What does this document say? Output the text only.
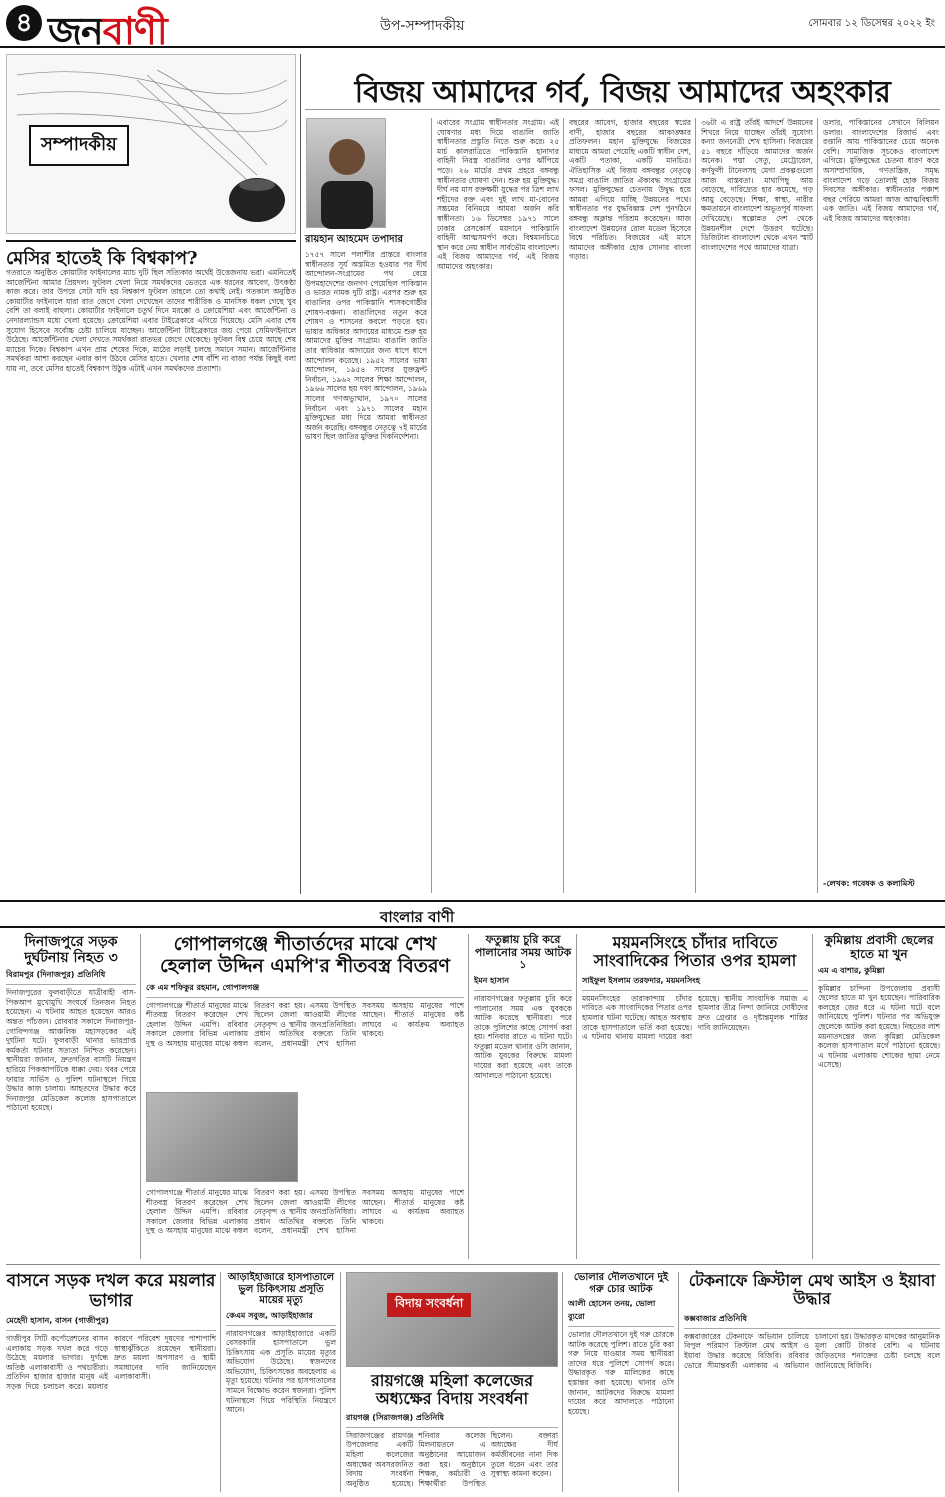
৪ জনবাণী	উপ-সম্পাদকীয়	সোমবার ১২ ডিসেম্বর ২০২২ ইং
সম্পাদকীয়
বিজয় আমাদের গর্ব, বিজয় আমাদের অহংকার
রায়হান আহমেদ তপাদার
১৭৫৭ সালে পলাশীর প্রান্তরে বাংলার স্বাধীনতার সূর্য অস্তমিত হওয়ার পর দীর্ঘ আন্দোলন-সংগ্রামের পথ বেয়ে উপমহাদেশের জনগণ পেয়েছিল পাকিস্তান ও ভারত নামক দুটি রাষ্ট্র। এরপর শুরু হয় বাঙালির ওপর পাকিস্তানি শাসকগোষ্ঠীর শোষণ-বঞ্চনা। বাঙালিদের নতুন করে শোষণ ও শাসনের কবলে পড়তে হয়। ভাষার অধিকার আদায়ের মাধ্যমে শুরু হয় আমাদের মুক্তির সংগ্রাম। বাঙালি জাতি তার স্বাধিকার আদায়ের জন্য ধাপে ধাপে আন্দোলন করেছে। ১৯৫২ সালের ভাষা আন্দোলন, ১৯৫৪ সালের যুক্তফ্রন্ট নির্বাচন, ১৯৬২ সালের শিক্ষা আন্দোলন, ১৯৬৬ সালের ছয় দফা আন্দোলন, ১৯৬৯ সালের গণঅভ্যুত্থান, ১৯৭০ সালের নির্বাচন এবং ১৯৭১ সালের মহান মুক্তিযুদ্ধের মধ্য দিয়ে আমরা স্বাধীনতা অর্জন করেছি। বঙ্গবন্ধুর নেতৃত্বে ৭ই মার্চের ভাষণ ছিল জাতির মুক্তির দিকনির্দেশনা।
এবারের সংগ্রাম স্বাধীনতার সংগ্রাম। এই ঘোষণার মধ্য দিয়ে বাঙালি জাতি স্বাধীনতার প্রস্তুতি নিতে শুরু করে। ২৫ মার্চ কালরাত্রিতে পাকিস্তানি হানাদার বাহিনী নিরস্ত্র বাঙালির ওপর ঝাঁপিয়ে পড়ে। ২৬ মার্চের প্রথম প্রহরে বঙ্গবন্ধু স্বাধীনতার ঘোষণা দেন। শুরু হয় মুক্তিযুদ্ধ। দীর্ঘ নয় মাস রক্তক্ষয়ী যুদ্ধের পর ত্রিশ লাখ শহীদের রক্ত এবং দুই লাখ মা-বোনের সম্ভ্রমের বিনিময়ে আমরা অর্জন করি স্বাধীনতা। ১৬ ডিসেম্বর ১৯৭১ সালে ঢাকার রেসকোর্স ময়দানে পাকিস্তানি বাহিনী আত্মসমর্পণ করে। বিশ্বমানচিত্রে স্থান করে নেয় স্বাধীন সার্বভৌম বাংলাদেশ। এই বিজয় আমাদের গর্ব, এই বিজয় আমাদের অহংকার।
বছরের আবেগ, হাজার বছরের স্বপ্নের বাণী, হাজার বছরের আকাঙ্ক্ষার প্রতিফলন। মহান মুক্তিযুদ্ধে বিজয়ের মাধ্যমে আমরা পেয়েছি একটি স্বাধীন দেশ, একটি পতাকা, একটি মানচিত্র। ঐতিহাসিক এই বিজয় বঙ্গবন্ধুর নেতৃত্বে সমগ্র বাঙালি জাতির ঐক্যবদ্ধ সংগ্রামের ফসল। মুক্তিযুদ্ধের চেতনায় উদ্বুদ্ধ হয়ে আমরা এগিয়ে যাচ্ছি উন্নয়নের পথে। স্বাধীনতার পর যুদ্ধবিধ্বস্ত দেশ পুনর্গঠনে বঙ্গবন্ধু অক্লান্ত পরিশ্রম করেছেন। আজ বাংলাদেশ উন্নয়নের রোল মডেল হিসেবে বিশ্বে পরিচিত। বিজয়ের এই মাসে আমাদের অঙ্গীকার হোক সোনার বাংলা গড়ার।
৩৬টা এ রাষ্ট্র তাঁরই আদর্শে উন্নয়নের শিখরে নিয়ে যাচ্ছেন তাঁরই সুযোগ্য কন্যা জননেত্রী শেখ হাসিনা। বিজয়ের ৫১ বছরে দাঁড়িয়ে আমাদের অর্জন অনেক। পদ্মা সেতু, মেট্রোরেল, কর্ণফুলী টানেলসহ মেগা প্রকল্পগুলো আজ বাস্তবতা। মাথাপিছু আয় বেড়েছে, দারিদ্র্যের হার কমেছে, গড় আয়ু বেড়েছে। শিক্ষা, স্বাস্থ্য, নারীর ক্ষমতায়নে বাংলাদেশ অভূতপূর্ব সাফল্য দেখিয়েছে। স্বল্পোন্নত দেশ থেকে উন্নয়নশীল দেশে উত্তরণ ঘটেছে। ডিজিটাল বাংলাদেশ থেকে এখন স্মার্ট বাংলাদেশের পথে আমাদের যাত্রা।
ডলার, পাকিস্তানের সেখানে বিলিয়ন ডলার। বাংলাদেশের রিজার্ভ এবং রপ্তানি আয় পাকিস্তানের চেয়ে অনেক বেশি। সামাজিক সূচকেও বাংলাদেশ এগিয়ে। মুক্তিযুদ্ধের চেতনা ধারণ করে অসাম্প্রদায়িক, গণতান্ত্রিক, সমৃদ্ধ বাংলাদেশ গড়ে তোলাই হোক বিজয় দিবসের অঙ্গীকার। স্বাধীনতার পঞ্চাশ বছর পেরিয়ে আমরা আজ আত্মবিশ্বাসী এক জাতি। এই বিজয় আমাদের গর্ব, এই বিজয় আমাদের অহংকার।
-লেখক: গবেষক ও কলামিস্ট
মেসির হাতেই কি বিশ্বকাপ?
গতরাতে অনুষ্ঠিত কোয়ার্টার ফাইনালের ম্যাচ দুটি ছিল সত্যিকার অর্থেই উত্তেজনায় ভরা। এমনিতেই আর্জেন্টিনা আমার প্রিয়দল। ফুটবল খেলা নিয়ে সমর্থকদের ভেতরে এক ধরনের আবেগ, উৎকণ্ঠা কাজ করে। তার উপরে সেটা যদি হয় বিশ্বকাপ ফুটবল তাহলে তো কথাই নেই। গতকাল অনুষ্ঠিত কোয়ার্টার ফাইনালে যারা রাত জেগে খেলা দেখেছেন তাদের শারীরিক ও মানসিক ধকল গেছে খুব বেশি তা বলাই বাহুল্য। কোয়ার্টার ফাইনালে চতুর্থ দিনে মরক্কো ও ক্রোয়েশিয়া এবং আর্জেন্টিনা ও নেদারল্যান্ডস মধ্যে খেলা হয়েছে। ক্রোয়েশিয়া এবার টাইব্রেকারে এগিয়ে গিয়েছে। মেসি এবার শেষ সুযোগ হিসেবে সর্বোচ্চ চেষ্টা চালিয়ে যাচ্ছেন। আর্জেন্টিনা টাইব্রেকারে জয় পেয়ে সেমিফাইনালে উঠেছে। আর্জেন্টিনার খেলা দেখতে সমর্থকরা রাতভর জেগে থেকেছে। ফুটবল বিশ্ব চেয়ে আছে শেষ ম্যাচের দিকে। বিশ্বকাপ এখন প্রায় শেষের দিকে, মাঠের লড়াই চলছে সমানে সমান। আর্জেন্টিনার সমর্থকরা আশা করছেন এবার কাপ উঠবে মেসির হাতে। খেলার শেষ বাঁশি না বাজা পর্যন্ত কিছুই বলা যায় না, তবে মেসির হাতেই বিশ্বকাপ উঠুক এটাই এখন সমর্থকদের প্রত্যাশা।
বাংলার বাণী
দিনাজপুরে সড়ক দুর্ঘটনায় নিহত ৩
বিরামপুর (দিনাজপুর) প্রতিনিধি
দিনাজপুরের ফুলবাড়ীতে যাত্রীবাহী বাস-পিকআপ মুখোমুখি সংঘর্ষে তিনজন নিহত হয়েছেন। এ ঘটনায় আহত হয়েছেন আরও অন্তত পাঁচজন। রোববার সকালে দিনাজপুর-গোবিন্দগঞ্জ আঞ্চলিক মহাসড়কের এই দুর্ঘটনা ঘটে। ফুলবাড়ী থানার ভারপ্রাপ্ত কর্মকর্তা ঘটনার সত্যতা নিশ্চিত করেছেন। স্থানীয়রা জানান, দ্রুতগতির বাসটি নিয়ন্ত্রণ হারিয়ে পিকআপটিকে ধাক্কা দেয়। খবর পেয়ে ফায়ার সার্ভিস ও পুলিশ ঘটনাস্থলে গিয়ে উদ্ধার কাজ চালায়। আহতদের উদ্ধার করে দিনাজপুর মেডিকেল কলেজ হাসপাতালে পাঠানো হয়েছে।
গোপালগঞ্জে শীতার্তদের মাঝে শেখ হেলাল উদ্দিন এমপি'র শীতবস্ত্র বিতরণ
কে এম শফিকুর রহমান, গোপালগঞ্জ
গোপালগঞ্জে শীতার্ত মানুষের মাঝে শীতবস্ত্র বিতরণ করেছেন শেখ হেলাল উদ্দিন এমপি। রবিবার সকালে জেলার বিভিন্ন এলাকায় দুস্থ ও অসহায় মানুষের মাঝে কম্বল বিতরণ করা হয়। এসময় উপস্থিত ছিলেন জেলা আওয়ামী লীগের নেতৃবৃন্দ ও স্থানীয় জনপ্রতিনিধিরা। প্রধান অতিথির বক্তব্যে তিনি বলেন, প্রধানমন্ত্রী শেখ হাসিনা সবসময় অসহায় মানুষের পাশে আছেন। শীতার্ত মানুষের কষ্ট লাঘবে এ কার্যক্রম অব্যাহত থাকবে।
গোপালগঞ্জে শীতার্ত মানুষের মাঝে শীতবস্ত্র বিতরণ করেছেন শেখ হেলাল উদ্দিন এমপি। রবিবার সকালে জেলার বিভিন্ন এলাকায় দুস্থ ও অসহায় মানুষের মাঝে কম্বল বিতরণ করা হয়। এসময় উপস্থিত ছিলেন জেলা আওয়ামী লীগের নেতৃবৃন্দ ও স্থানীয় জনপ্রতিনিধিরা। প্রধান অতিথির বক্তব্যে তিনি বলেন, প্রধানমন্ত্রী শেখ হাসিনা সবসময় অসহায় মানুষের পাশে আছেন। শীতার্ত মানুষের কষ্ট লাঘবে এ কার্যক্রম অব্যাহত থাকবে।
ফতুল্লায় চুরি করে পালানোর সময় আটক ১
ইমন হাসান
নারায়ণগঞ্জের ফতুল্লায় চুরি করে পালানোর সময় এক যুবককে আটক করেছে স্থানীয়রা। পরে তাকে পুলিশের কাছে সোপর্দ করা হয়। শনিবার রাতে এ ঘটনা ঘটে। ফতুল্লা মডেল থানার ওসি জানান, আটক যুবকের বিরুদ্ধে মামলা দায়ের করা হয়েছে এবং তাকে আদালতে পাঠানো হয়েছে।
ময়মনসিংহে চাঁদার দাবিতে সাংবাদিকের পিতার ওপর হামলা
সাইফুল ইসলাম তরফদার, ময়মনসিংহ
ময়মনসিংহের তারাকান্দায় চাঁদার দাবিতে এক সাংবাদিকের পিতার ওপর হামলার ঘটনা ঘটেছে। আহত অবস্থায় তাকে হাসপাতালে ভর্তি করা হয়েছে। এ ঘটনায় থানায় মামলা দায়ের করা হয়েছে। স্থানীয় সাংবাদিক সমাজ এ হামলার তীব্র নিন্দা জানিয়ে দোষীদের দ্রুত গ্রেপ্তার ও দৃষ্টান্তমূলক শাস্তির দাবি জানিয়েছেন।
কুমিল্লায় প্রবাসী ছেলের হাতে মা খুন
এম এ বাশার, কুমিল্লা
কুমিল্লার চান্দিনা উপজেলায় প্রবাসী ছেলের হাতে মা খুন হয়েছেন। পারিবারিক কলহের জের ধরে এ ঘটনা ঘটে বলে জানিয়েছে পুলিশ। ঘটনার পর অভিযুক্ত ছেলেকে আটক করা হয়েছে। নিহতের লাশ ময়নাতদন্তের জন্য কুমিল্লা মেডিকেল কলেজ হাসপাতাল মর্গে পাঠানো হয়েছে। এ ঘটনায় এলাকায় শোকের ছায়া নেমে এসেছে।
বাসনে সড়ক দখল করে ময়লার ভাগার
মেহেদী হাসান, বাসন (গাজীপুর)
গাজীপুর সিটি কর্পোরেশনের বাসন এলাকায় সড়ক দখল করে গড়ে উঠেছে ময়লার ভাগার। দুর্গন্ধে অতিষ্ঠ এলাকাবাসী ও পথচারীরা। প্রতিদিন হাজার হাজার মানুষ এই সড়ক দিয়ে চলাচল করে। ময়লার কারণে পরিবেশ দূষণের পাশাপাশি স্বাস্থ্যঝুঁকিতে রয়েছেন স্থানীয়রা। দ্রুত ময়লা অপসারণ ও স্থায়ী সমাধানের দাবি জানিয়েছেন এলাকাবাসী।
আড়াইহাজারে হাসপাতালে ভুল চিকিৎসায় প্রসূতি মায়ের মৃত্যু
কেএম সবুজ, আড়াইহাজার
নারায়ণগঞ্জের আড়াইহাজারে একটি বেসরকারি হাসপাতালে ভুল চিকিৎসায় এক প্রসূতি মায়ের মৃত্যুর অভিযোগ উঠেছে। স্বজনদের অভিযোগ, চিকিৎসকের অবহেলায় এ মৃত্যু হয়েছে। ঘটনার পর হাসপাতালের সামনে বিক্ষোভ করেন স্বজনরা। পুলিশ ঘটনাস্থলে গিয়ে পরিস্থিতি নিয়ন্ত্রণে আনে।
বিদায় সংবর্ধনা
রায়গঞ্জে মহিলা কলেজের অধ্যক্ষের বিদায় সংবর্ধনা
রায়গঞ্জ (সিরাজগঞ্জ) প্রতিনিধি
সিরাজগঞ্জের রায়গঞ্জ উপজেলার একটি মহিলা কলেজের অধ্যক্ষের অবসরজনিত বিদায় সংবর্ধনা অনুষ্ঠিত হয়েছে। শনিবার কলেজ মিলনায়তনে এ অনুষ্ঠানের আয়োজন করা হয়। অনুষ্ঠানে শিক্ষক, কর্মচারী ও শিক্ষার্থীরা উপস্থিত ছিলেন। বক্তারা অধ্যক্ষের দীর্ঘ কর্মজীবনের নানা দিক তুলে ধরেন এবং তার সুস্বাস্থ্য কামনা করেন।
ভোলার দৌলতখানে দুই গরু চোর আটক
আলী হোসেন তনয়, ভোলা ব্যুরো
ভোলার দৌলতখানে দুই গরু চোরকে আটক করেছে পুলিশ। রাতে চুরি করা গরু নিয়ে যাওয়ার সময় স্থানীয়রা তাদের ধরে পুলিশে সোপর্দ করে। উদ্ধারকৃত গরু মালিকের কাছে হস্তান্তর করা হয়েছে। থানার ওসি জানান, আটকদের বিরুদ্ধে মামলা দায়ের করে আদালতে পাঠানো হয়েছে।
টেকনাফে ক্রিস্টাল মেথ আইস ও ইয়াবা উদ্ধার
কক্সবাজার প্রতিনিধি
কক্সবাজারের টেকনাফে অভিযান চালিয়ে বিপুল পরিমাণ ক্রিস্টাল মেথ আইস ও ইয়াবা উদ্ধার করেছে বিজিবি। রবিবার ভোরে সীমান্তবর্তী এলাকায় এ অভিযান চালানো হয়। উদ্ধারকৃত মাদকের আনুমানিক মূল্য কোটি টাকার বেশি। এ ঘটনায় জড়িতদের শনাক্তের চেষ্টা চলছে বলে জানিয়েছে বিজিবি।
